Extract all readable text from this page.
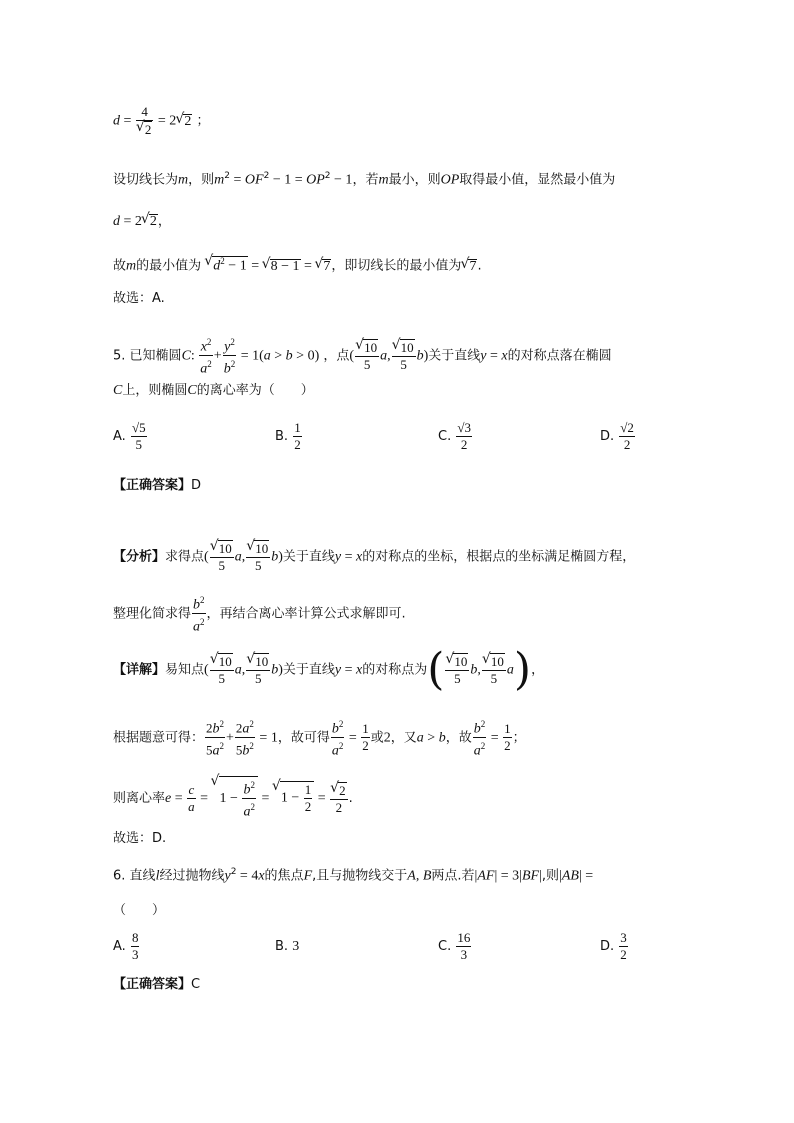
d = 4
√ 2 = 2 √ 2 ；
设切线长为m，则$m^2 = OF^2 - 1 = OP^2 - 1$，若m最小，则OP取得最小值，显然最小值为
d = 2 √ 2，
故m的最小值为 √ $d^2 - 1$ = √ 8 − 1 = √ 7，即切线长的最小值为 √ 7.
故选：A.
5. 已知椭圆C: $\frac{x^2}{a^2} + \frac{y^2}{b^2} = 1(a > b > 0)$ ，点( √ $\frac{10}{5} a$, √ $\frac{10}{5} b$)关于直线y = x的对称点落在椭圆
C上，则椭圆C的离心率为（　　）
A. $\frac{√5}{5}$	B. $\frac{1}{2}$	C. $\frac{√3}{2}$	D. $\frac{√2}{2}$
【正确答案】D
【分析】求得点( √ $\frac{10}{5} a$, √ $\frac{10}{5} b$)关于直线y = x的对称点的坐标，根据点的坐标满足椭圆方程，
整理化简求得 $\frac{b^2}{a^2}$ ，再结合离心率计算公式求解即可.
【详解】易知点( √ $\frac{10}{5} a$, √ $\frac{10}{5} b$)关于直线y = x的对称点为( √ $\frac{10}{5} b$, √ $\frac{10}{5} a$)，
根据题意可得： $\frac{2b^2}{5a^2} + \frac{2a^2}{5b^2} = 1$，故可得 $\frac{b^2}{a^2} = \frac{1}{2}$ 或2，又a > b，故 $\frac{b^2}{a^2} = \frac{1}{2}$ ；
则离心率$e = \frac{c}{a}$ = √ $1 - \frac{b^2}{a^2}$ = √ $1 - \frac{1}{2}$ = √ $\frac{2}{2}$ .
故选：D.
6. 直线l经过抛物线$y^2 = 4x$的焦点F,且与抛物线交于A, B两点.若|AF| = 3|BF|,则|AB| =
（　　）
A. $\frac{8}{3}$	B. 3	C. $\frac{16}{3}$	D. $\frac{3}{2}$
【正确答案】C
